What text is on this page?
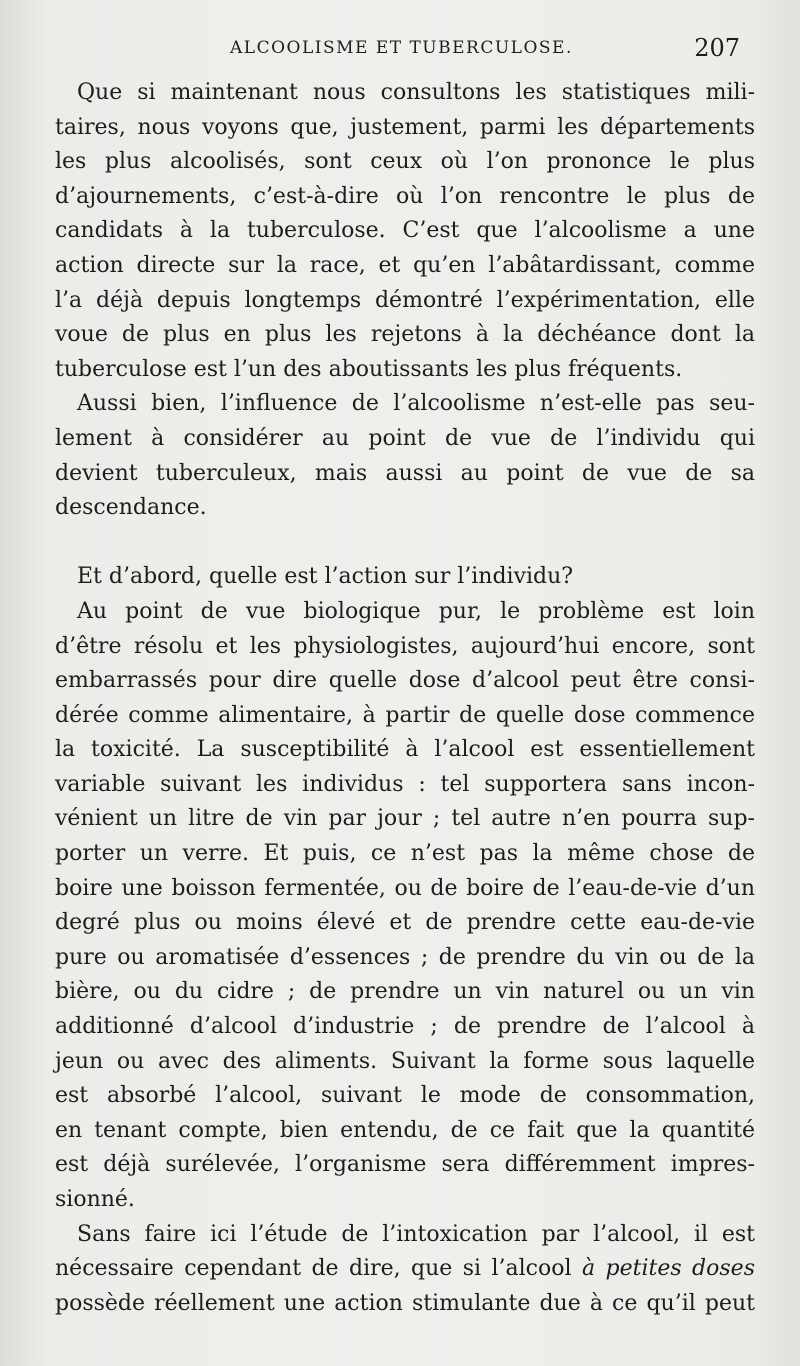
ALCOOLISME ET TUBERCULOSE.	207
Que si maintenant nous consultons les statistiques mili-
taires, nous voyons que, justement, parmi les départements
les plus alcoolisés, sont ceux où l’on prononce le plus
d’ajournements, c’est-à-dire où l’on rencontre le plus de
candidats à la tuberculose. C’est que l’alcoolisme a une
action directe sur la race, et qu’en l’abâtardissant, comme
l’a déjà depuis longtemps démontré l’expérimentation, elle
voue de plus en plus les rejetons à la déchéance dont la
tuberculose est l’un des aboutissants les plus fréquents.
Aussi bien, l’influence de l’alcoolisme n’est-elle pas seu-
lement à considérer au point de vue de l’individu qui
devient tuberculeux, mais aussi au point de vue de sa
descendance.
Et d’abord, quelle est l’action sur l’individu?
Au point de vue biologique pur, le problème est loin
d’être résolu et les physiologistes, aujourd’hui encore, sont
embarrassés pour dire quelle dose d’alcool peut être consi-
dérée comme alimentaire, à partir de quelle dose commence
la toxicité. La susceptibilité à l’alcool est essentiellement
variable suivant les individus : tel supportera sans incon-
vénient un litre de vin par jour ; tel autre n’en pourra sup-
porter un verre. Et puis, ce n’est pas la même chose de
boire une boisson fermentée, ou de boire de l’eau-de-vie d’un
degré plus ou moins élevé et de prendre cette eau-de-vie
pure ou aromatisée d’essences ; de prendre du vin ou de la
bière, ou du cidre ; de prendre un vin naturel ou un vin
additionné d’alcool d’industrie ; de prendre de l’alcool à
jeun ou avec des aliments. Suivant la forme sous laquelle
est absorbé l’alcool, suivant le mode de consommation,
en tenant compte, bien entendu, de ce fait que la quantité
est déjà surélevée, l’organisme sera différemment impres-
sionné.
Sans faire ici l’étude de l’intoxication par l’alcool, il est
nécessaire cependant de dire, que si l’alcool à petites doses
possède réellement une action stimulante due à ce qu’il peut
